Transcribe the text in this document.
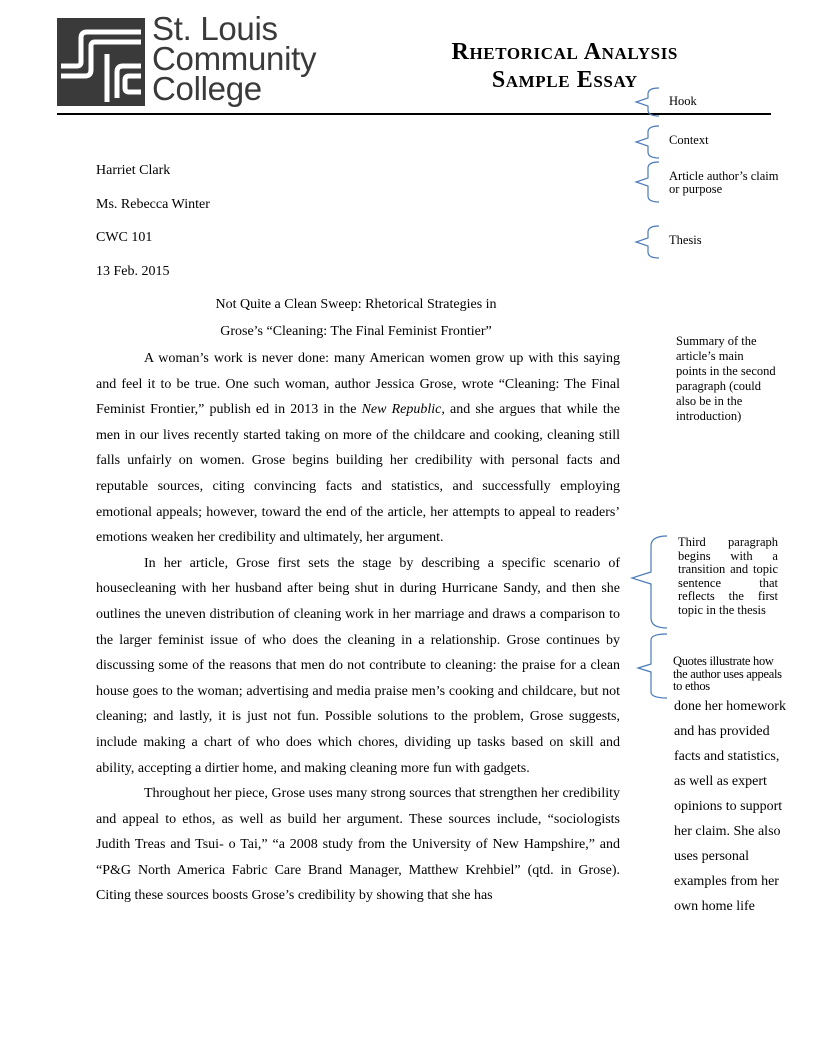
St. Louis
Community
College
Rhetorical Analysis
Sample Essay
Harriet Clark
Ms. Rebecca Winter
CWC 101
13 Feb. 2015
Not Quite a Clean Sweep: Rhetorical Strategies in
Grose’s “Cleaning: The Final Feminist Frontier”

A woman’s work is never done: many American women grow up with this saying and feel it to be true. One such woman, author Jessica Grose, wrote “Cleaning: The Final Feminist Frontier,” publish ed in 2013 in the New Republic, and she argues that while the men in our lives recently started taking on more of the childcare and cooking, cleaning still falls unfairly on women. Grose begins building her credibility with personal facts and reputable sources, citing convincing facts and statistics, and successfully employing emotional appeals; however, toward the end of the article, her attempts to appeal to readers’ emotions weaken her credibility and ultimately, her argument.

In her article, Grose first sets the stage by describing a specific scenario of housecleaning with her husband after being shut in during Hurricane Sandy, and then she outlines the uneven distribution of cleaning work in her marriage and draws a comparison to the larger feminist issue of who does the cleaning in a relationship. Grose continues by discussing some of the reasons that men do not contribute to cleaning: the praise for a clean house goes to the woman; advertising and media praise men’s cooking and childcare, but not cleaning; and lastly, it is just not fun. Possible solutions to the problem, Grose suggests, include making a chart of who does which chores, dividing up tasks based on skill and ability, accepting a dirtier home, and making cleaning more fun with gadgets.

Throughout her piece, Grose uses many strong sources that strengthen her credibility and appeal to ethos, as well as build her argument. These sources include, “sociologists Judith Treas and Tsui- o Tai,” “a 2008 study from the University of New Hampshire,” and “P&G North America Fabric Care Brand Manager, Matthew Krehbiel” (qtd. in Grose). Citing these sources boosts Grose’s credibility by showing that she has

Hook
Context
Article author’s claim or purpose
Thesis
Summary of the article’s main points in the second paragraph (could also be in the introduction)
Third paragraph begins with a transition and topic sentence that reflects the first topic in the thesis
Quotes illustrate how the author uses appeals to ethos
done her homework and has provided facts and statistics, as well as expert opinions to support her claim. She also uses personal examples from her own home life
